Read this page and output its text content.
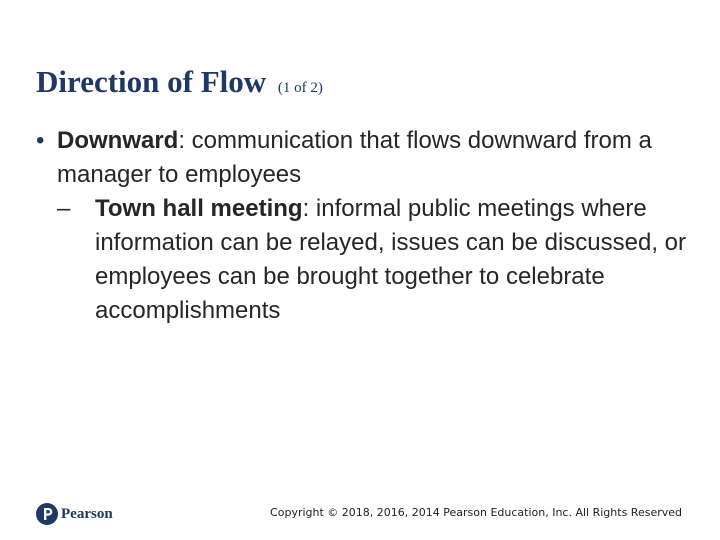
Direction of Flow (1 of 2)
• Downward: communication that flows downward from a manager to employees
– Town hall meeting: informal public meetings where information can be relayed, issues can be discussed, or employees can be brought together to celebrate accomplishments
Pearson	Copyright © 2018, 2016, 2014 Pearson Education, Inc. All Rights Reserved
